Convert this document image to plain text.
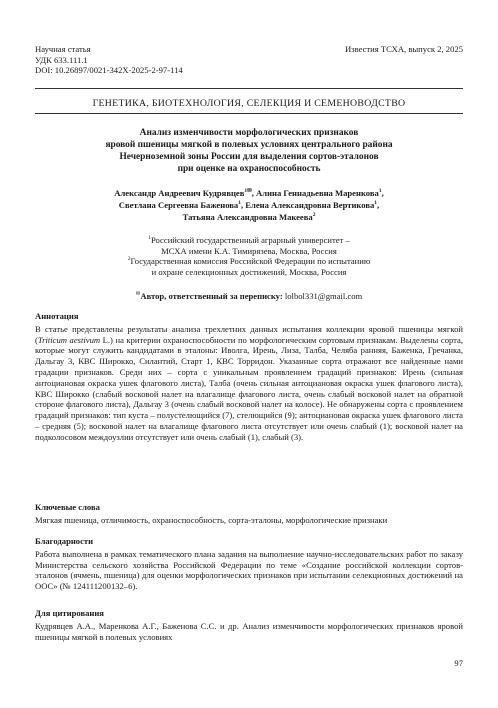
Научная статья
УДК 633.111.1
DOI: 10.26897/0021-342X-2025-2-97-114
Известия ТСХА, выпуск 2, 2025
ГЕНЕТИКА, БИОТЕХНОЛОГИЯ, СЕЛЕКЦИЯ И СЕМЕНОВОДСТВО
Анализ изменчивости морфологических признаков
яровой пшеницы мягкой в полевых условиях центрального района
Нечерноземной зоны России для выделения сортов-эталонов
при оценке на охраноспособность
Александр Андреевич Кудрявцев$^{1✉}$, Алина Геннадьевна Маренкова$^1$,
Светлана Сергеевна Баженова$^1$, Елена Александровна Вертикова$^1$,
Татьяна Александровна Макеева$^2$
$^1$Российский государственный аграрный университет –
МСХА имени К.А. Тимирязева, Москва, Россия
$^2$Государственная комиссия Российской Федерации по испытанию
и охране селекционных достижений, Москва, Россия
✉Автор, ответственный за переписку: lolbol331@gmail.com
Аннотация

В статье представлены результаты анализа трехлетних данных испытания коллекции яровой пшеницы мягкой (Triticum aestivum L.) на критерии охраноспособности по морфологическим сортовым признакам. Выделены сорта, которые могут служить кандидатами в эталоны: Иволга, Ирень, Лиза, Талба, Челяба ранняя, Баженка, Гречанка, Дальгау 3, КВС Широкко, Силантий, Старт 1, КВС Торридон. Указанные сорта отражают все найденные нами градации признаков. Среди них – сорта с уникальным проявлением градаций признаков: Ирень (сильная антоциановая окраска ушек флагового листа), Талба (очень сильная антоциановая окраска ушек флагового листа), КВС Широкко (слабый восковой налет на влагалище флагового листа, очень слабый восковой налет на обратной стороне флагового листа), Дальгау 3 (очень слабый восковой налет на колосе). Не обнаружены сорта с проявлением градаций признаков: тип куста – полустелющийся (7), стелющийся (9); антоциановая окраска ушек флагового листа – средняя (5); восковой налет на влагалище флагового листа отсутствует или очень слабый (1); восковой налет на подколосовом междоузлии отсутствует или очень слабый (1), слабый (3).

Ключевые слова

Мягкая пшеница, отличимость, охраноспособность, сорта-эталоны, морфологические признаки

Благодарности

Работа выполнена в рамках тематического плана задания на выполнение научно-исследовательских работ по заказу Министерства сельского хозяйства Российской Федерации по теме «Создание российской коллекции сортов-эталонов (ячмень, пшеница) для оценки морфологических признаков при испытании селекционных достижений на ООС» (№ 124111200132–6).

Для цитирования

Кудрявцев А.А., Маренкова А.Г., Баженова С.С. и др. Анализ изменчивости морфологических признаков яровой пшеницы мягкой в полевых условиях

97
